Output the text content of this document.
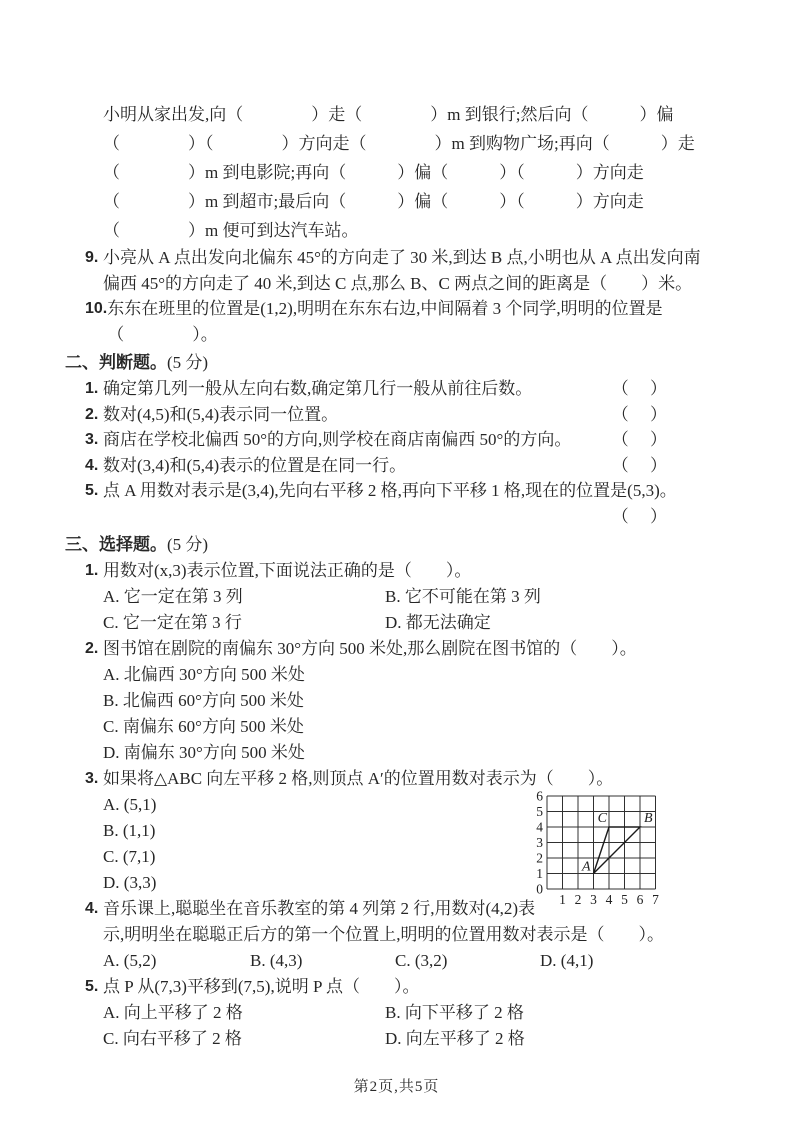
小明从家出发,向（　　　　）走（　　　　）m 到银行;然后向（　　　）偏
（　　　　）（　　　　）方向走（　　　　）m 到购物广场;再向（　　　）走
（　　　　）m 到电影院;再向（　　　）偏（　　　）（　　　）方向走
（　　　　）m 到超市;最后向（　　　）偏（　　　）（　　　）方向走
（　　　　）m 便可到达汽车站。
9. 小亮从 A 点出发向北偏东 45°的方向走了 30 米,到达 B 点,小明也从 A 点出发向南
偏西 45°的方向走了 40 米,到达 C 点,那么 B、C 两点之间的距离是（　　）米。
10. 东东在班里的位置是(1,2),明明在东东右边,中间隔着 3 个同学,明明的位置是
（　　　　）。
二、判断题。(5 分)
1. 确定第几列一般从左向右数,确定第几行一般从前往后数。	（　 ）
2. 数对(4,5)和(5,4)表示同一位置。	（　 ）
3. 商店在学校北偏西 50°的方向,则学校在商店南偏西 50°的方向。	（　 ）
4. 数对(3,4)和(5,4)表示的位置是在同一行。	（　 ）
5. 点 A 用数对表示是(3,4),先向右平移 2 格,再向下平移 1 格,现在的位置是(5,3)。
（　 ）
三、选择题。(5 分)
1. 用数对(x,3)表示位置,下面说法正确的是（　　）。
A. 它一定在第 3 列	B. 它不可能在第 3 列
C. 它一定在第 3 行	D. 都无法确定
2. 图书馆在剧院的南偏东 30°方向 500 米处,那么剧院在图书馆的（　　）。
A. 北偏西 30°方向 500 米处
B. 北偏西 60°方向 500 米处
C. 南偏东 60°方向 500 米处
D. 南偏东 30°方向 500 米处
3. 如果将△ABC 向左平移 2 格,则顶点 A′的位置用数对表示为（　　）。
A. (5,1)
B. (1,1)
C. (7,1)
D. (3,3)
1 2 3 4 5 6 7
0
1
2
3
4
5
6
A
C	B
4. 音乐课上,聪聪坐在音乐教室的第 4 列第 2 行,用数对(4,2)表
示,明明坐在聪聪正后方的第一个位置上,明明的位置用数对表示是（　　）。
A. (5,2)	B. (4,3)	C. (3,2)	D. (4,1)
5. 点 P 从(7,3)平移到(7,5),说明 P 点（　　）。
A. 向上平移了 2 格	B. 向下平移了 2 格
C. 向右平移了 2 格	D. 向左平移了 2 格
第2页,共5页
